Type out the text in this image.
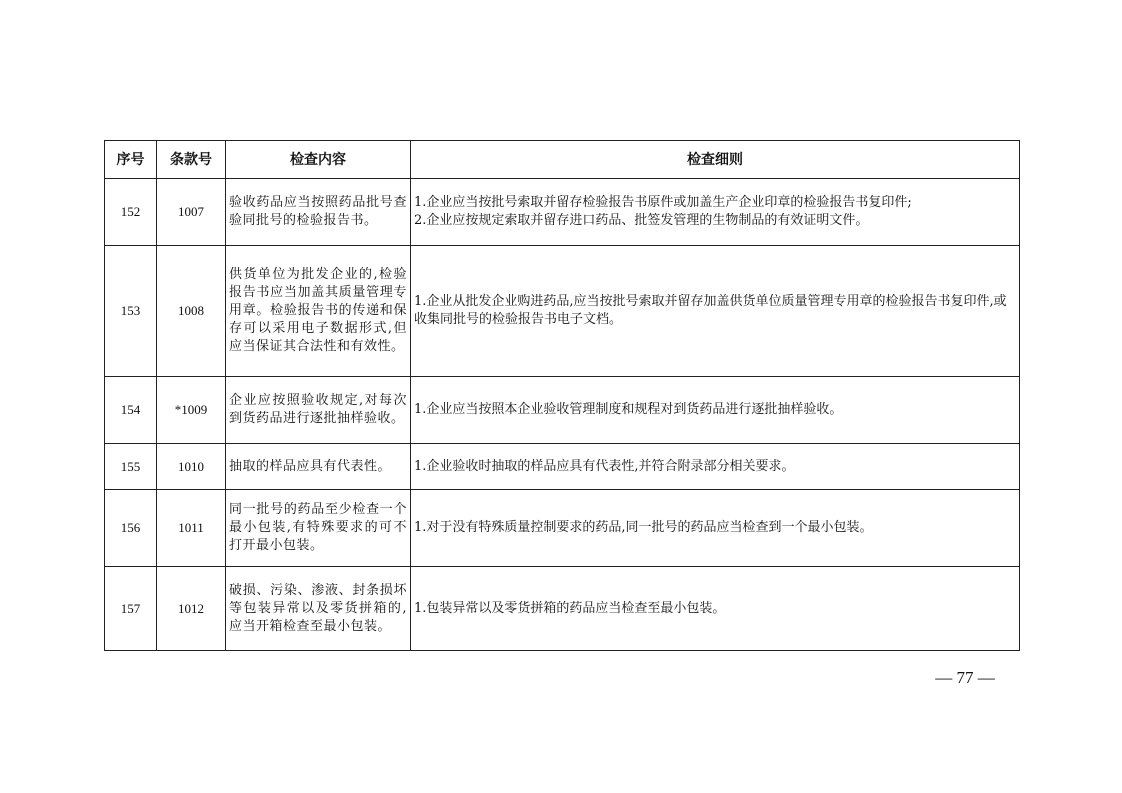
序号	条款号	检查内容	检查细则
152	1007	验收药品应当按照药品批号查验同批号的检验报告书。	1.企业应当按批号索取并留存检验报告书原件或加盖生产企业印章的检验报告书复印件;
2.企业应按规定索取并留存进口药品、批签发管理的生物制品的有效证明文件。

153	1008	供货单位为批发企业的,检验报告书应当加盖其质量管理专用章。检验报告书的传递和保存可以采用电子数据形式,但应当保证其合法性和有效性。	1.企业从批发企业购进药品,应当按批号索取并留存加盖供货单位质量管理专用章的检验报告书复印件,或收集同批号的检验报告书电子文档。

154	*1009	企业应按照验收规定,对每次到货药品进行逐批抽样验收。	1.企业应当按照本企业验收管理制度和规程对到货药品进行逐批抽样验收。

155	1010	抽取的样品应具有代表性。	1.企业验收时抽取的样品应具有代表性,并符合附录部分相关要求。

156	1011	同一批号的药品至少检查一个最小包装,有特殊要求的可不打开最小包装。	1.对于没有特殊质量控制要求的药品,同一批号的药品应当检查到一个最小包装。

157	1012	破损、污染、渗液、封条损坏等包装异常以及零货拼箱的,应当开箱检查至最小包装。	1.包装异常以及零货拼箱的药品应当检查至最小包装。
— 77 —
